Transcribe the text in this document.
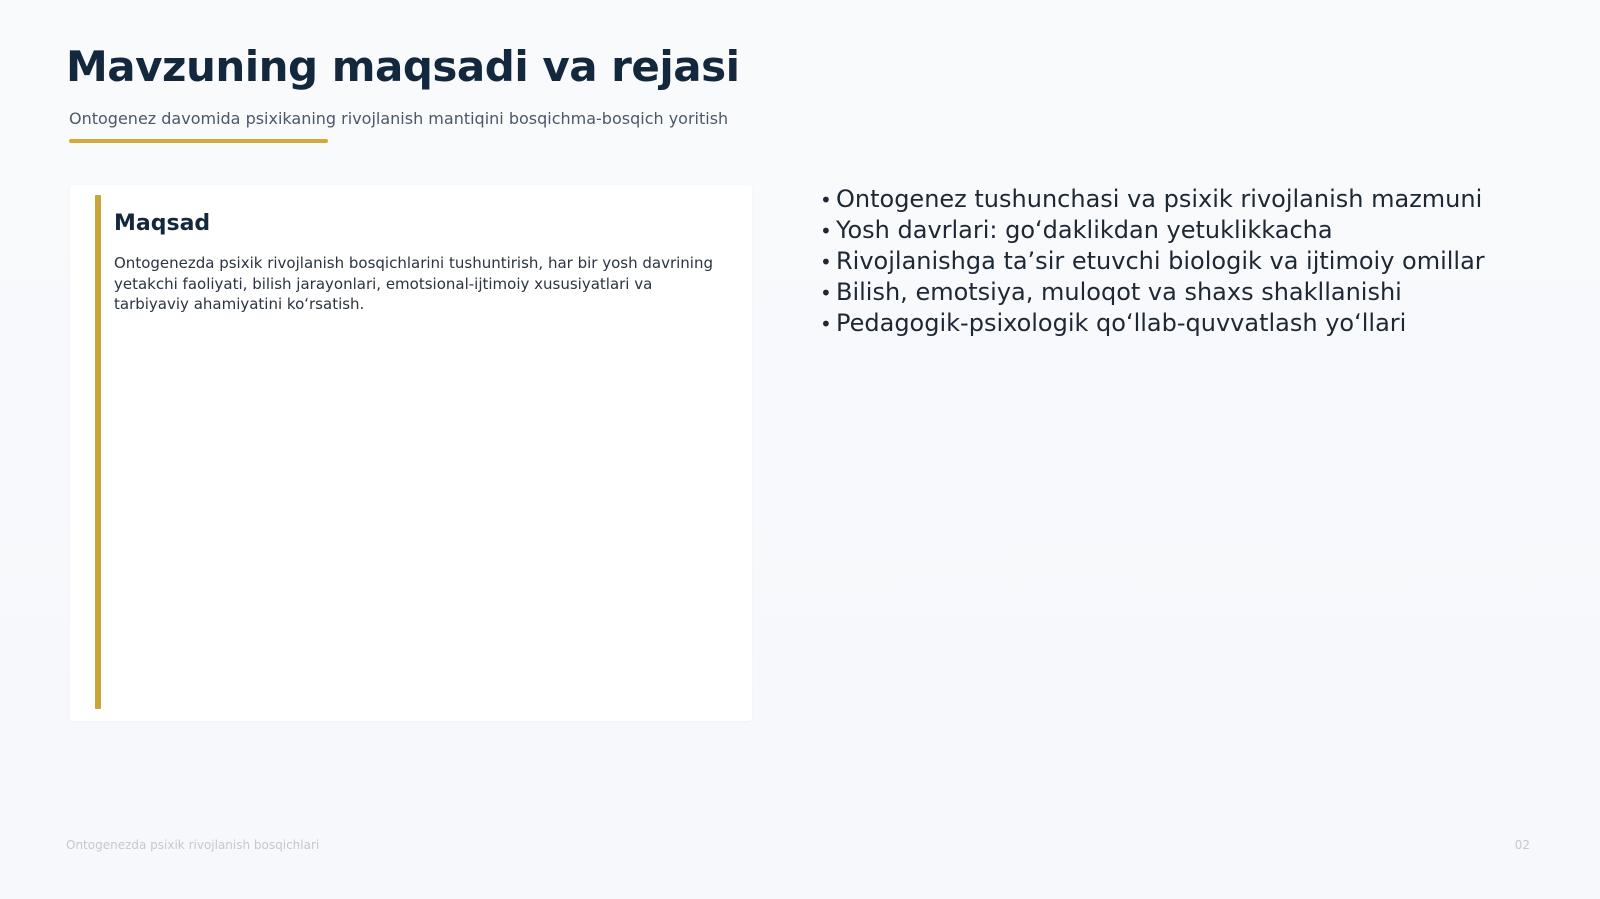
Mavzuning maqsadi va rejasi
Ontogenez davomida psixikaning rivojlanish mantiqini bosqichma-bosqich yoritish
Maqsad

Ontogenezda psixik rivojlanish bosqichlarini tushuntirish, har bir yosh davrining yetakchi faoliyati, bilish jarayonlari, emotsional-ijtimoiy xususiyatlari va tarbiyaviy ahamiyatini koʻrsatish.

• Ontogenez tushunchasi va psixik rivojlanish mazmuni
• Yosh davrlari: goʻdaklikdan yetuklikkacha
• Rivojlanishga taʼsir etuvchi biologik va ijtimoiy omillar
• Bilish, emotsiya, muloqot va shaxs shakllanishi
• Pedagogik-psixologik qoʻllab-quvvatlash yoʻllari
Ontogenezda psixik rivojlanish bosqichlari	02
